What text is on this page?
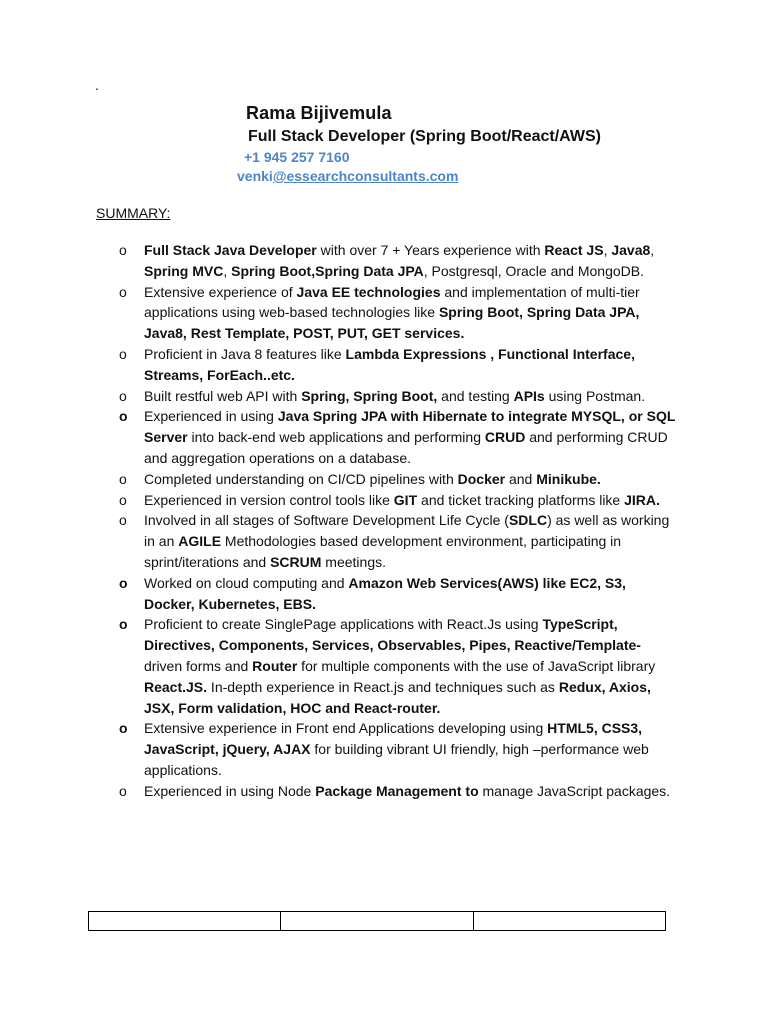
.
Rama Bijivemula
Full Stack Developer (Spring Boot/React/AWS)
+1 945 257 7160
venki@essearchconsultants.com
SUMMARY:
o Full Stack Java Developer with over 7 + Years experience with React JS, Java8, Spring MVC, Spring Boot,Spring Data JPA, Postgresql, Oracle and MongoDB.
o Extensive experience of Java EE technologies and implementation of multi-tier applications using web-based technologies like Spring Boot, Spring Data JPA, Java8, Rest Template, POST, PUT, GET services.
o Proficient in Java 8 features like Lambda Expressions , Functional Interface, Streams, ForEach..etc.
o Built restful web API with Spring, Spring Boot, and testing APIs using Postman.
o Experienced in using Java Spring JPA with Hibernate to integrate MYSQL, or SQL Server into back-end web applications and performing CRUD and performing CRUD and aggregation operations on a database.
o Completed understanding on CI/CD pipelines with Docker and Minikube.
o Experienced in version control tools like GIT and ticket tracking platforms like JIRA.
o Involved in all stages of Software Development Life Cycle (SDLC) as well as working in an AGILE Methodologies based development environment, participating in sprint/iterations and SCRUM meetings.
o Worked on cloud computing and Amazon Web Services(AWS) like EC2, S3, Docker, Kubernetes, EBS.
o Proficient to create SinglePage applications with React.Js using TypeScript, Directives, Components, Services, Observables, Pipes, Reactive/Template-driven forms and Router for multiple components with the use of JavaScript library React.JS. In-depth experience in React.js and techniques such as Redux, Axios, JSX, Form validation, HOC and React-router.
o Extensive experience in Front end Applications developing using HTML5, CSS3, JavaScript, jQuery, AJAX for building vibrant UI friendly, high –performance web applications.
o Experienced in using Node Package Management to manage JavaScript packages.
